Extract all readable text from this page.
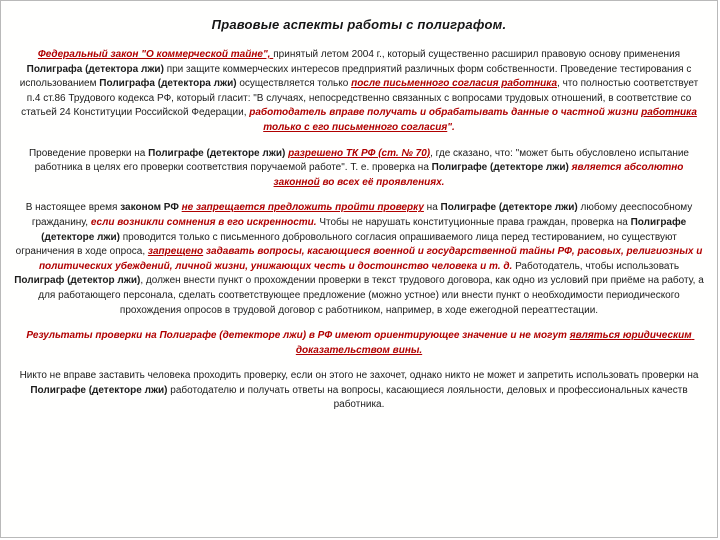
Правовые аспекты работы с полиграфом.

Федеральный закон "О коммерческой тайне", принятый летом 2004 г., который существенно расширил правовую основу применения Полиграфа (детектора лжи) при защите коммерческих интересов предприятий различных форм собственности. Проведение тестирования с использованием Полиграфа (детектора лжи) осуществляется только после письменного согласия работника, что полностью соответствует п.4 ст.86 Трудового кодекса РФ, который гласит: "В случаях, непосредственно связанных с вопросами трудовых отношений, в соответствие со статьей 24 Конституции Российской Федерации, работодатель вправе получать и обрабатывать данные о частной жизни работника только с его письменного согласия".

Проведение проверки на Полиграфе (детекторе лжи) разрешено ТК РФ (ст. № 70), где сказано, что: "может быть обусловлено испытание работника в целях его проверки соответствия поручаемой работе". Т. е. проверка на Полиграфе (детекторе лжи) является абсолютно законной во всех её проявлениях.

В настоящее время законом РФ не запрещается предложить пройти проверку на Полиграфе (детекторе лжи) любому дееспособному гражданину, если возникли сомнения в его искренности. Чтобы не нарушать конституционные права граждан, проверка на Полиграфе (детекторе лжи) проводится только с письменного добровольного согласия опрашиваемого лица перед тестированием, но существуют ограничения в ходе опроса, запрещено задавать вопросы, касающиеся военной и государственной тайны РФ, расовых, религиозных и политических убеждений, личной жизни, унижающих честь и достоинство человека и т. д. Работодатель, чтобы использовать Полиграф (детектор лжи), должен внести пункт о прохождении проверки в текст трудового договора, как одно из условий при приёме на работу, а для работающего персонала, сделать соответствующее предложение (можно устное) или внести пункт о необходимости периодического прохождения опросов в трудовой договор с работником, например, в ходе ежегодной переаттестации.

Результаты проверки на Полиграфе (детекторе лжи) в РФ имеют ориентирующее значение и не могут являться юридическим доказательством вины.

Никто не вправе заставить человека проходить проверку, если он этого не захочет, однако никто не может и запретить использовать проверки на Полиграфе (детекторе лжи) работодателю и получать ответы на вопросы, касающиеся лояльности, деловых и профессиональных качеств работника.
